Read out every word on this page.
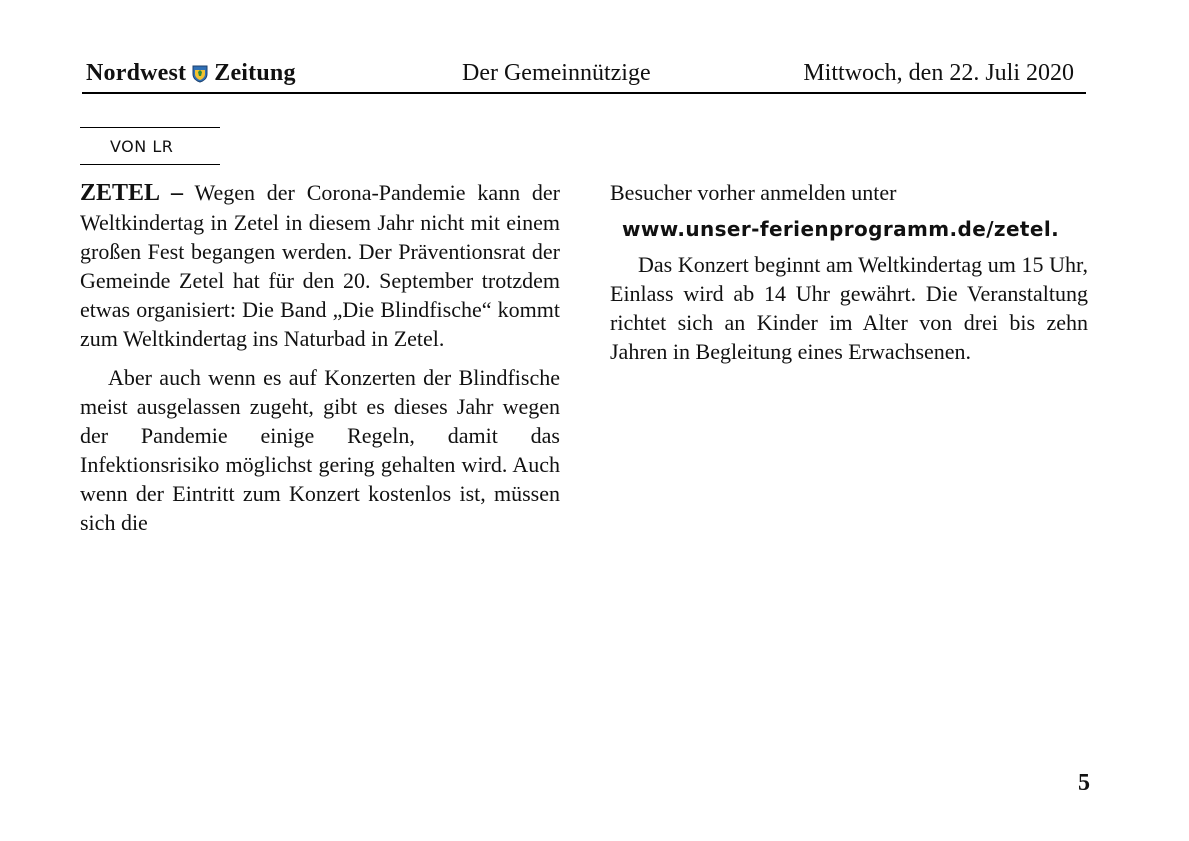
Nordwest Zeitung	Der Gemeinnützige	Mittwoch, den 22. Juli 2020
VON LR

ZETEL – Wegen der Corona-Pandemie kann der Weltkindertag in Zetel in diesem Jahr nicht mit einem großen Fest begangen werden. Der Präventionsrat der Gemeinde Zetel hat für den 20. September trotzdem etwas organisiert: Die Band „Die Blindfische“ kommt zum Weltkindertag ins Naturbad in Zetel.

Aber auch wenn es auf Konzerten der Blindfische meist ausgelassen zugeht, gibt es dieses Jahr wegen der Pandemie einige Regeln, damit das Infektionsrisiko möglichst gering gehalten wird. Auch wenn der Eintritt zum Konzert kostenlos ist, müssen sich die

Besucher vorher anmelden unter

www.unser-ferienprogramm.de/zetel.

Das Konzert beginnt am Weltkindertag um 15 Uhr, Einlass wird ab 14 Uhr gewährt. Die Veranstaltung richtet sich an Kinder im Alter von drei bis zehn Jahren in Begleitung eines Erwachsenen.

5
